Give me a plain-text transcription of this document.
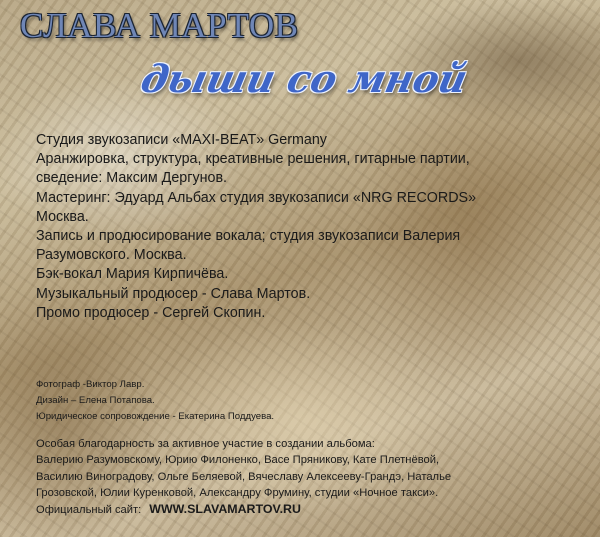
СЛАВА МАРТОВ
дыши со мной

Студия звукозаписи «MAXI-BEAT» Germany

Аранжировка, структура, креативные решения, гитарные партии,

сведение: Максим Дергунов.

Мастеринг: Эдуард Альбах студия звукозаписи «NRG RECORDS»

Москва.

Запись и продюсирование вокала; студия звукозаписи Валерия

Разумовского. Москва.

Бэк-вокал Мария Кирпичёва.

Музыкальный продюсер - Слава Мартов.

Промо продюсер - Сергей Скопин.

Фотограф -Виктор Лавр.

Дизайн – Елена Потапова.

Юридическое сопровождение - Екатерина Поддуева.

Особая благодарность за активное участие в создании альбома:

Валерию Разумовскому, Юрию Филоненко, Васе Пряникову, Кате Плетнёвой,

Василию Виноградову, Ольге Беляевой, Вячеславу Алексееву-Грандэ, Наталье

Грозовской, Юлии Куренковой, Александру Фрумину, студии «Ночное такси».

Официальный сайт: WWW.SLAVAMARTOV.RU
